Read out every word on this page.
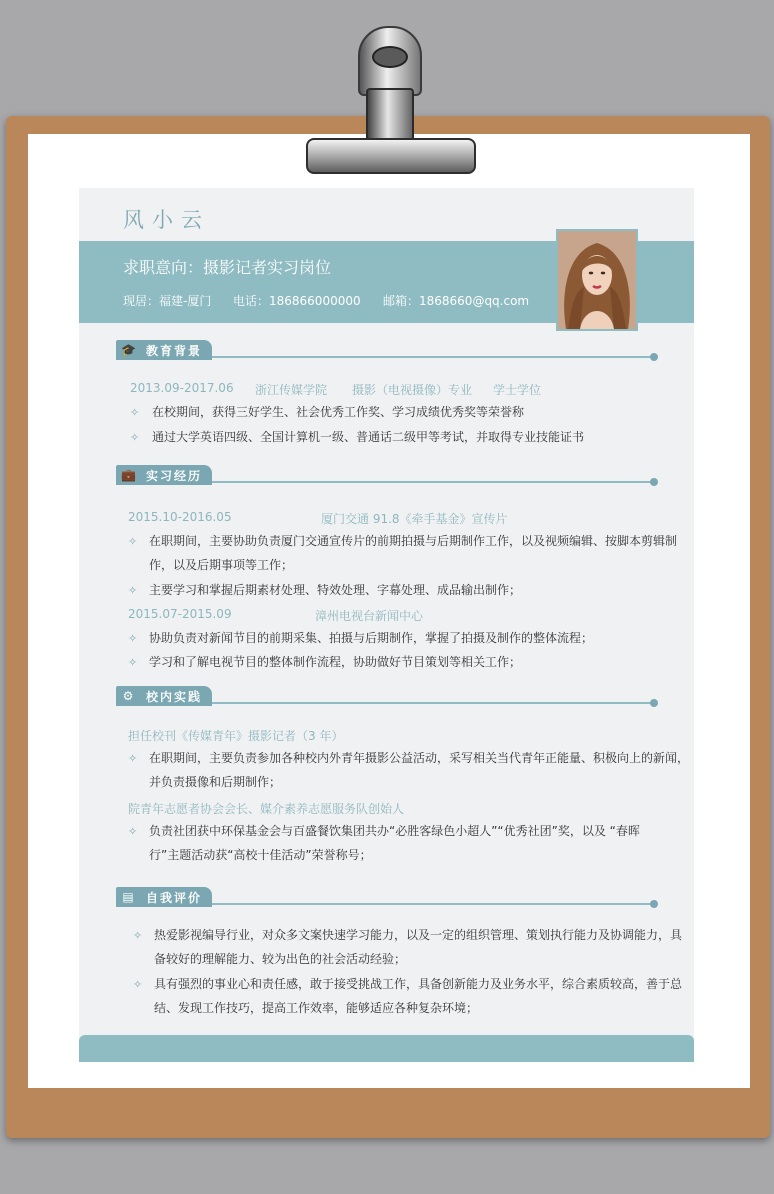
风小云
求职意向：摄影记者实习岗位
现居：福建-厦门 电话：186866000000 邮箱：1868660@qq.com
🎓 教育背景
2013.09-2017.06 浙江传媒学院 摄影（电视摄像）专业 学士学位
✧ 在校期间，获得三好学生、社会优秀工作奖、学习成绩优秀奖等荣誉称
✧ 通过大学英语四级、全国计算机一级、普通话二级甲等考试，并取得专业技能证书
💼 实习经历
2015.10-2016.05	厦门交通 91.8《牵手基金》宣传片
✧ 在职期间，主要协助负责厦门交通宣传片的前期拍摄与后期制作工作，以及视频编辑、按脚本剪辑制
作，以及后期事项等工作；
✧ 主要学习和掌握后期素材处理、特效处理、字幕处理、成品输出制作；
2015.07-2015.09	漳州电视台新闻中心
✧ 协助负责对新闻节目的前期采集、拍摄与后期制作，掌握了拍摄及制作的整体流程；
✧ 学习和了解电视节目的整体制作流程，协助做好节目策划等相关工作；
⚙ 校内实践
担任校刊《传媒青年》摄影记者（3 年）
✧ 在职期间，主要负责参加各种校内外青年摄影公益活动，采写相关当代青年正能量、积极向上的新闻，
并负责摄像和后期制作；
院青年志愿者协会会长、媒介素养志愿服务队创始人
✧ 负责社团获中环保基金会与百盛餐饮集团共办“必胜客绿色小超人”“优秀社团”奖，以及 “春晖
行”主题活动获“高校十佳活动”荣誉称号；
▤ 自我评价
✧ 热爱影视编导行业，对众多文案快速学习能力，以及一定的组织管理、策划执行能力及协调能力，具
备较好的理解能力、较为出色的社会活动经验；
✧ 具有强烈的事业心和责任感，敢于接受挑战工作，具备创新能力及业务水平，综合素质较高，善于总
结、发现工作技巧，提高工作效率，能够适应各种复杂环境；
